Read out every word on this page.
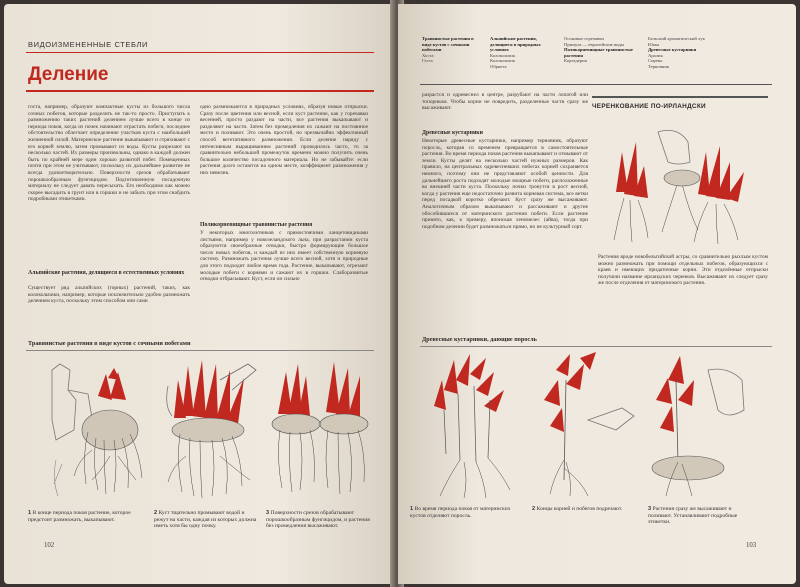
ВИДОИЗМЕНЕННЫЕ СТЕБЛИ
Деление
госта, например, образуют компактные кусты из большого числа сочных побегов, которые разделить не так-то просто. Приступать к размножению таких растений делением лучше всего в конце из периода покоя, когда из почек начинают отрастать побеги, последнее обстоятельство облегчает определение участков куста с наибольшей жизненной силой. Материнское растение выкапывают и стряхивают с его корней землю, затем промывают из воды. Кусты разрезают на несколько частей. Их размеры произвольны, однако в каждой должен быть по крайней мере один хорошо развитой побег. Помещенных почти при этом не учитывают, поскольку их дальнейшее развитие не всегда удовлетворительно. Поверхности срезов обрабатывают порошкообразным фунгицидом. Подготовленную посадочную материалу не следует давать пересыхать. Его необходимо как можно скорее высадить в грунт или в горшки и не забыть при этом снабдить подробными этикетками.
Альпийские растения, делящиеся в естественных условиях
Существует ряд альпийских (горных) растений, таких, как колокольчики, например, которые исключительно удобно размножать делением куста, поскольку этим способом они сами
одно размножаются в природных условиях, образуя новые отпрыски. Сразу после цветения или весной, если куст растение, как у горечавки весенней, просто раздают на части, все растения выкапывают и разделяют на части. Затем без промедления их сажают на постоянное место и поливают. Это очень простой, но чрезвычайно эффективный способ вегетативного размножения. Если деление наряду с интенсивным выращиванием растений проводилось часто, то за сравнительно небольшой промежуток времени можно получить очень большое количество посадочного материала. Но не забывайте: если растения долго остаются на одном месте, коэффициент размножения у них невелик.
Поликорневищные травянистые растения
У некоторых многолетников с прямостоячими ланцетовидными листьями, например у новозеландского льна, при разрастании куста образуются своеобразные отводки, быстро формирующие большое число новых побегов, и каждый из них имеет собственную корневую систему. Размножать растения лучше всего весной, хотя и природные для этого подходит любое время года. Растение, выкапывают, отрезают молодые побеги с корнями и сажают их в горшки. Слаборазвитые отводки отбрасывают. Куст, если он сильно
Травянистые растения в виде кустов с сочными побегами
1 В конце периода покоя растение, которое предстоит размножать, выкапывают.
2 Куст тщательно промывают водой и режут на части, каждая из которых должна иметь хотя бы одну почку.
3 Поверхности срезов обрабатывают порошкообразным фунгицидом, и растения без промедления высаживают.
102
Травянистые растения в виде кустов с сочными побегами
Хоста
Гаста
Альпийские растения, делящиеся в природных условиях
Колокольчик
Колокольчик
Обриета
Осоковые горечавки
Примула — европейские виды
Поликорневищные травянистые растения
Кортадерия
Бельский ароматический лук
Юкка
Древесные кустарники
Аралия
Сирень
Терновник
разрастся и одревеснел в центре, разрубают на части лопатой или топориком. Чтобы корни не повредить, разделенные части сразу же высаживают.
Древесные кустарники
Некоторые древесные кустарники, например терновник, образуют поросль, которая со временем превращается в самостоятельные растения. Во время периода покоя растения выкапывают и отмывают от земли. Кусты делят на несколько частей нужных размеров. Как правило, на центральных одревесневших побегах корней сохраняется немного, поэтому они не представляют особой ценности. Для дальнейшего роста подходят молодые мощные побеги, расположенные во внешней части куста. Поскольку почки тронутся в рост весной, когда у растения еще недостаточно развита корневая система, все ветки перед посадкой коротко обрезают. Куст сразу же высаживают. Аналогичным образом выкапывают и рассаживают и другие обособившиеся от материнского растения побеги. Если растение принято, как, к примеру, японская хеномелес (айва), тогда при подобном делении будет размножаться прямо, но не культурный сорт.
ЧЕРЕНКОВАНИЕ ПО-ИРЛАНДСКИ
Растения вроде новобельгийской астры, со сравнительно рыхлым кустом можно размножать при помощи отдельных побегов, образующихся с краев и имеющих придаточные корни. Эти отделённые отпрыски получили название ирландских черенков. Высаживают их следует сразу же после отделения от материнского растения.
Древесные кустарники, дающие поросль
1 Во время периода покоя от материнских кустов отделяют поросль.
2 Концы корней и побегов подрезают.	3 Растения сразу же высаживают и поливают. Устанавливают подробные этикетки.
103
